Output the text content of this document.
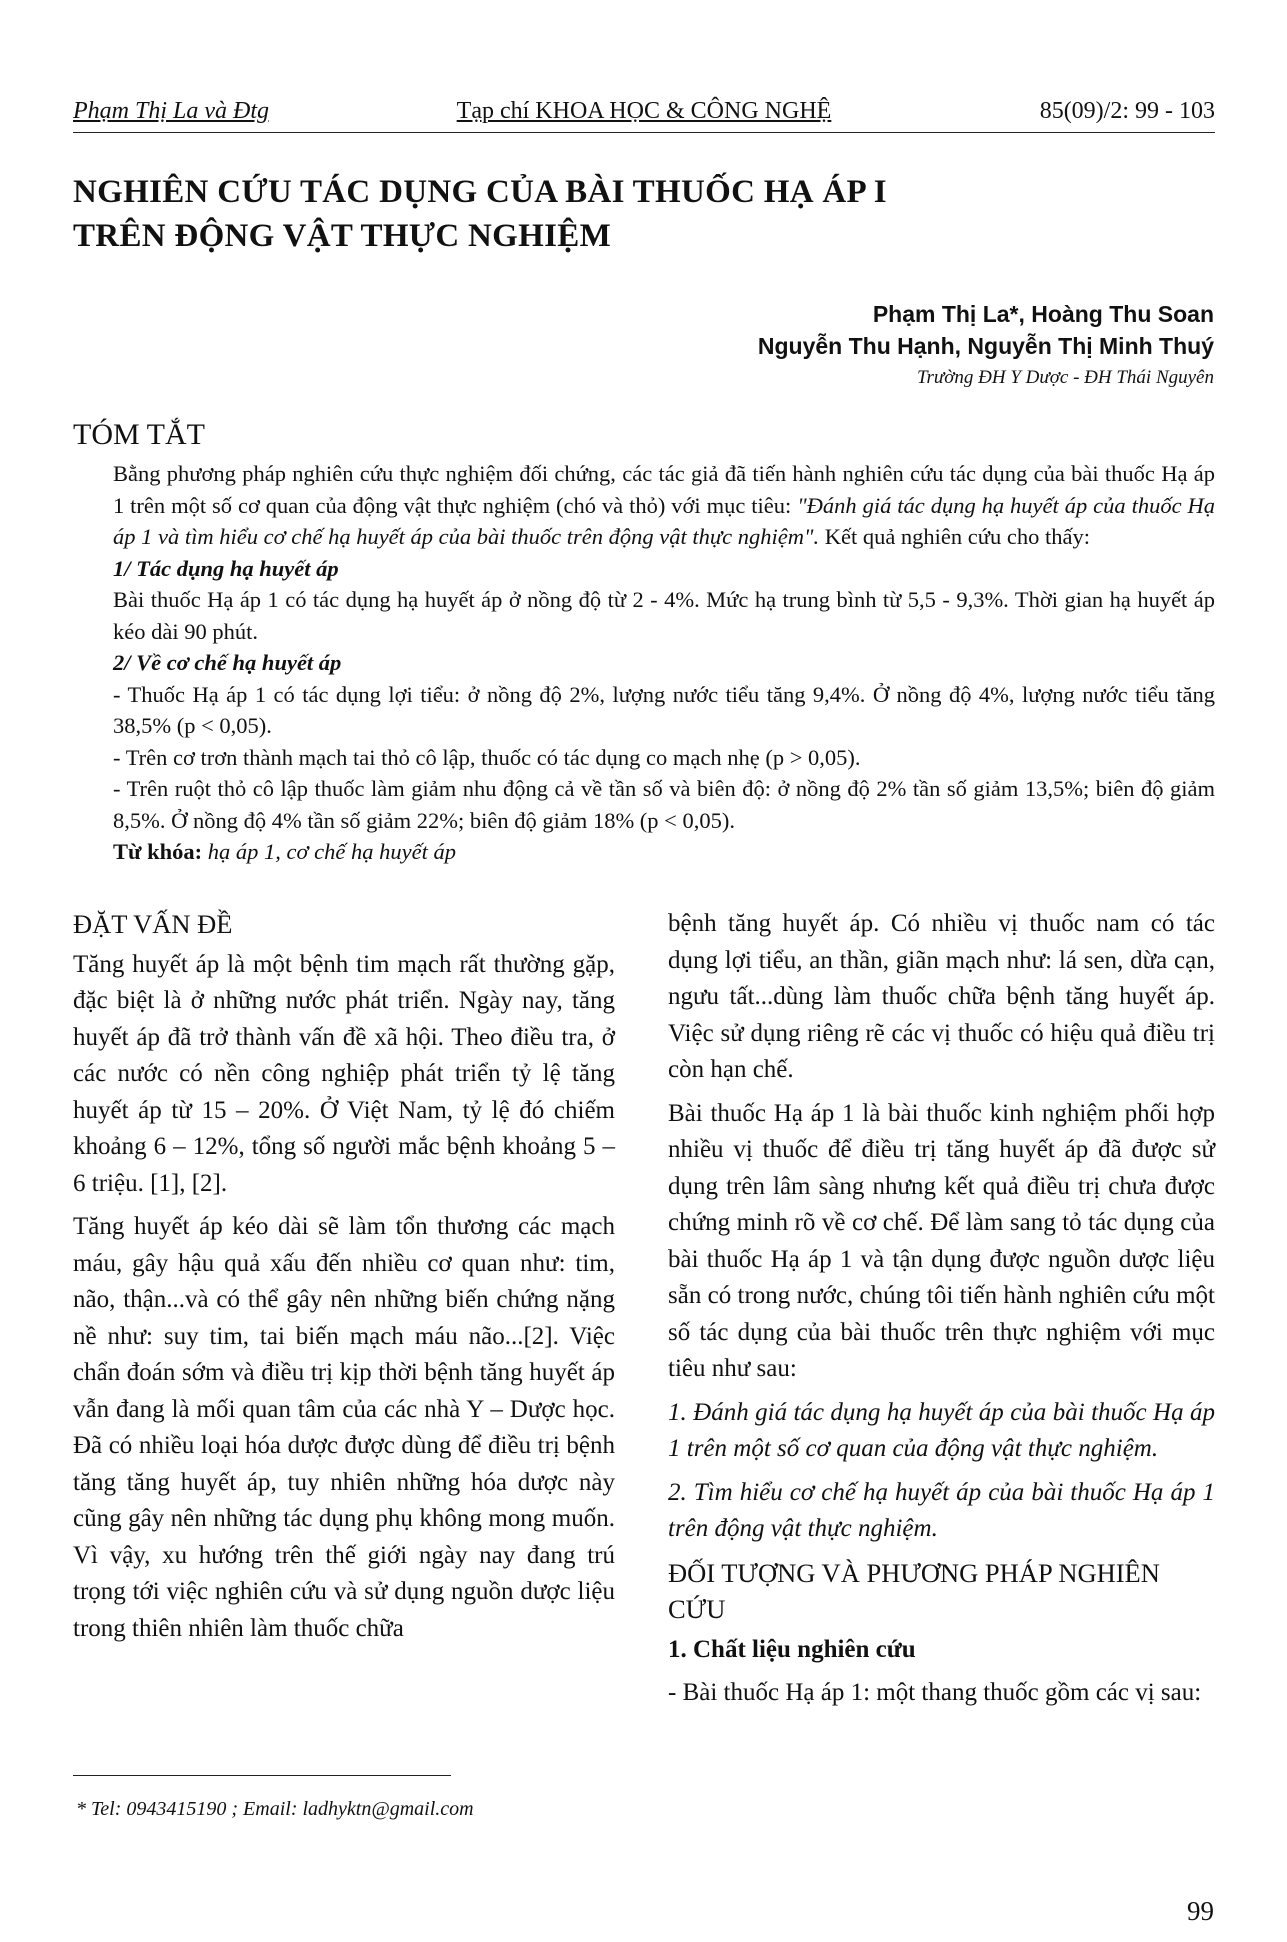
Phạm Thị La và Đtg	Tạp chí KHOA HỌC & CÔNG NGHỆ	85(09)/2: 99 - 103
NGHIÊN CỨU TÁC DỤNG CỦA BÀI THUỐC HẠ ÁP I
TRÊN ĐỘNG VẬT THỰC NGHIỆM
Phạm Thị La*, Hoàng Thu Soan
Nguyễn Thu Hạnh, Nguyễn Thị Minh Thuý
Trường ĐH Y Dược - ĐH Thái Nguyên
TÓM TẮT

Bằng phương pháp nghiên cứu thực nghiệm đối chứng, các tác giả đã tiến hành nghiên cứu tác dụng của bài thuốc Hạ áp 1 trên một số cơ quan của động vật thực nghiệm (chó và thỏ) với mục tiêu: "Đánh giá tác dụng hạ huyết áp của thuốc Hạ áp 1 và tìm hiểu cơ chế hạ huyết áp của bài thuốc trên động vật thực nghiệm". Kết quả nghiên cứu cho thấy:

1/ Tác dụng hạ huyết áp

Bài thuốc Hạ áp 1 có tác dụng hạ huyết áp ở nồng độ từ 2 - 4%. Mức hạ trung bình từ 5,5 - 9,3%. Thời gian hạ huyết áp kéo dài 90 phút.

2/ Về cơ chế hạ huyết áp

- Thuốc Hạ áp 1 có tác dụng lợi tiểu: ở nồng độ 2%, lượng nước tiểu tăng 9,4%. Ở nồng độ 4%, lượng nước tiểu tăng 38,5% (p < 0,05).

- Trên cơ trơn thành mạch tai thỏ cô lập, thuốc có tác dụng co mạch nhẹ (p > 0,05).

- Trên ruột thỏ cô lập thuốc làm giảm nhu động cả về tần số và biên độ: ở nồng độ 2% tần số giảm 13,5%; biên độ giảm 8,5%. Ở nồng độ 4% tần số giảm 22%; biên độ giảm 18% (p < 0,05).

Từ khóa: hạ áp 1, cơ chế hạ huyết áp

ĐẶT VẤN ĐỀ

Tăng huyết áp là một bệnh tim mạch rất thường gặp, đặc biệt là ở những nước phát triển. Ngày nay, tăng huyết áp đã trở thành vấn đề xã hội. Theo điều tra, ở các nước có nền công nghiệp phát triển tỷ lệ tăng huyết áp từ 15 – 20%. Ở Việt Nam, tỷ lệ đó chiếm khoảng 6 – 12%, tổng số người mắc bệnh khoảng 5 – 6 triệu. [1], [2].

Tăng huyết áp kéo dài sẽ làm tổn thương các mạch máu, gây hậu quả xấu đến nhiều cơ quan như: tim, não, thận...và có thể gây nên những biến chứng nặng nề như: suy tim, tai biến mạch máu não...[2]. Việc chẩn đoán sớm và điều trị kịp thời bệnh tăng huyết áp vẫn đang là mối quan tâm của các nhà Y – Dược học. Đã có nhiều loại hóa dược được dùng để điều trị bệnh tăng tăng huyết áp, tuy nhiên những hóa dược này cũng gây nên những tác dụng phụ không mong muốn. Vì vậy, xu hướng trên thế giới ngày nay đang trú trọng tới việc nghiên cứu và sử dụng nguồn dược liệu trong thiên nhiên làm thuốc chữa

bệnh tăng huyết áp. Có nhiều vị thuốc nam có tác dụng lợi tiểu, an thần, giãn mạch như: lá sen, dừa cạn, ngưu tất...dùng làm thuốc chữa bệnh tăng huyết áp. Việc sử dụng riêng rẽ các vị thuốc có hiệu quả điều trị còn hạn chế.

Bài thuốc Hạ áp 1 là bài thuốc kinh nghiệm phối hợp nhiều vị thuốc để điều trị tăng huyết áp đã được sử dụng trên lâm sàng nhưng kết quả điều trị chưa được chứng minh rõ về cơ chế. Để làm sang tỏ tác dụng của bài thuốc Hạ áp 1 và tận dụng được nguồn dược liệu sẵn có trong nước, chúng tôi tiến hành nghiên cứu một số tác dụng của bài thuốc trên thực nghiệm với mục tiêu như sau:

1. Đánh giá tác dụng hạ huyết áp của bài thuốc Hạ áp 1 trên một số cơ quan của động vật thực nghiệm.

2. Tìm hiểu cơ chế hạ huyết áp của bài thuốc Hạ áp 1 trên động vật thực nghiệm.

ĐỐI TƯỢNG VÀ PHƯƠNG PHÁP NGHIÊN CỨU

1. Chất liệu nghiên cứu

- Bài thuốc Hạ áp 1: một thang thuốc gồm các vị sau:

* Tel: 0943415190 ; Email: ladhyktn@gmail.com
99
